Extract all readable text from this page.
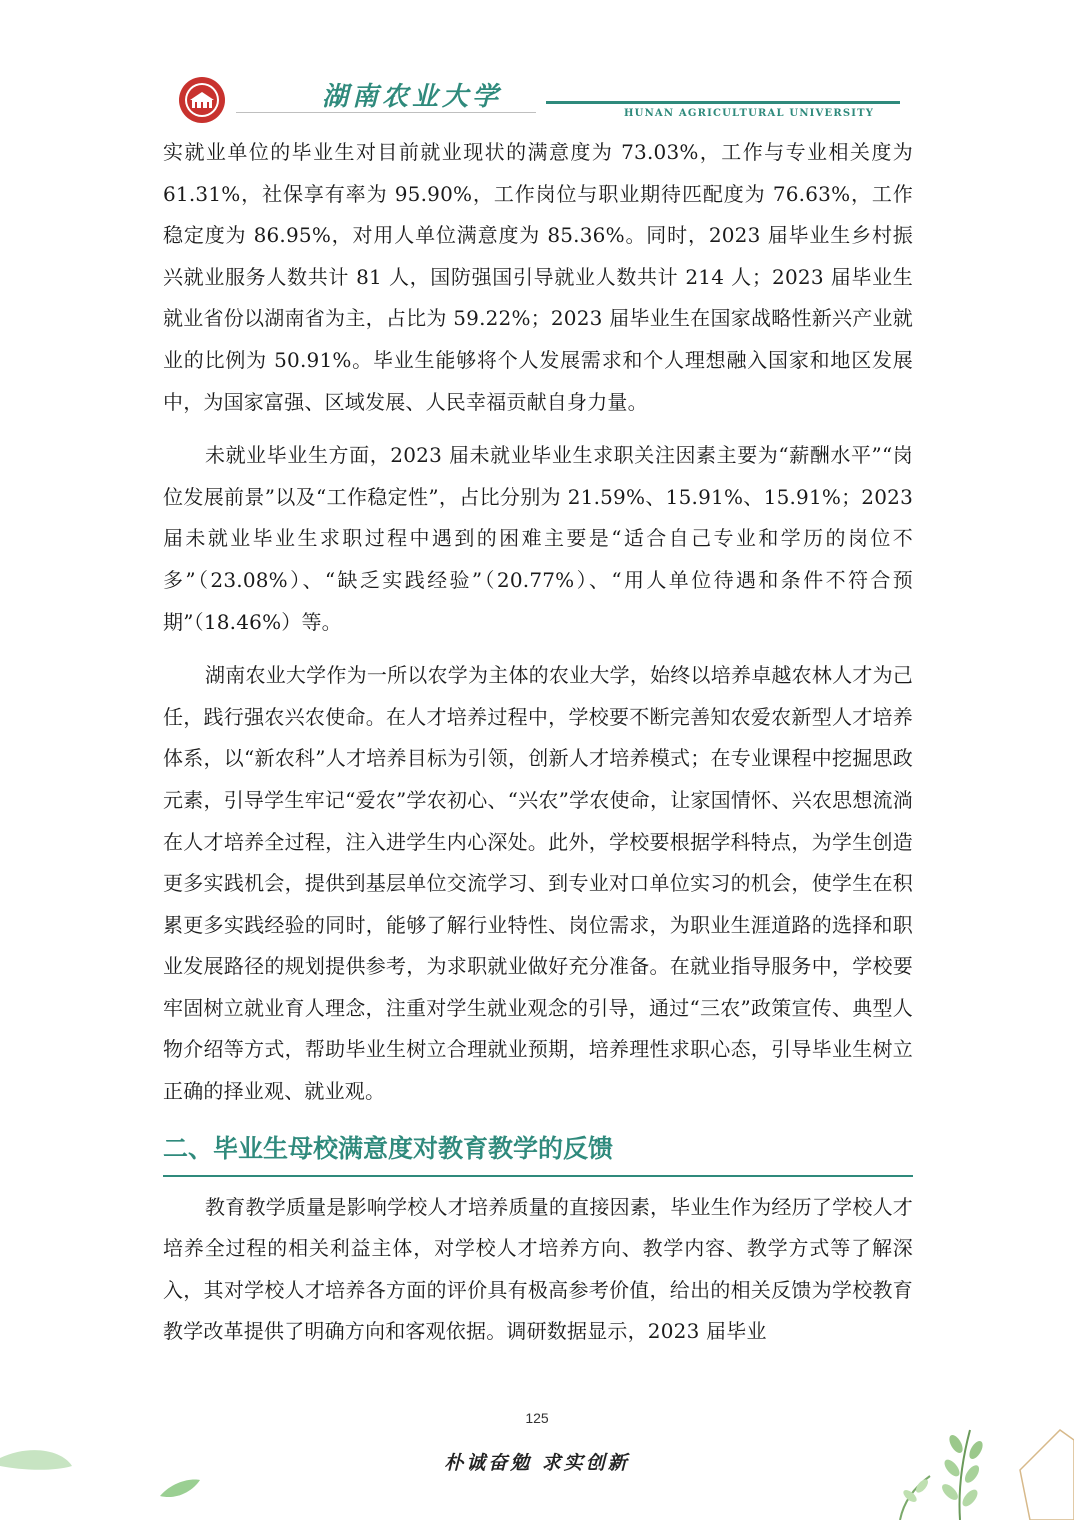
湖南农业大学
HUNAN AGRICULTURAL UNIVERSITY

实就业单位的毕业生对目前就业现状的满意度为 73.03%，工作与专业相关度为 61.31%，社保享有率为 95.90%，工作岗位与职业期待匹配度为 76.63%，工作稳定度为 86.95%，对用人单位满意度为 85.36%。同时，2023 届毕业生乡村振兴就业服务人数共计 81 人，国防强国引导就业人数共计 214 人；2023 届毕业生就业省份以湖南省为主，占比为 59.22%；2023 届毕业生在国家战略性新兴产业就业的比例为 50.91%。毕业生能够将个人发展需求和个人理想融入国家和地区发展中，为国家富强、区域发展、人民幸福贡献自身力量。

未就业毕业生方面，2023 届未就业毕业生求职关注因素主要为“薪酬水平”“岗位发展前景”以及“工作稳定性”，占比分别为 21.59%、15.91%、15.91%；2023 届未就业毕业生求职过程中遇到的困难主要是“适合自己专业和学历的岗位不多”（23.08%）、“缺乏实践经验”（20.77%）、“用人单位待遇和条件不符合预期”（18.46%）等。

湖南农业大学作为一所以农学为主体的农业大学，始终以培养卓越农林人才为己任，践行强农兴农使命。在人才培养过程中，学校要不断完善知农爱农新型人才培养体系，以“新农科”人才培养目标为引领，创新人才培养模式；在专业课程中挖掘思政元素，引导学生牢记“爱农”学农初心、“兴农”学农使命，让家国情怀、兴农思想流淌在人才培养全过程，注入进学生内心深处。此外，学校要根据学科特点，为学生创造更多实践机会，提供到基层单位交流学习、到专业对口单位实习的机会，使学生在积累更多实践经验的同时，能够了解行业特性、岗位需求，为职业生涯道路的选择和职业发展路径的规划提供参考，为求职就业做好充分准备。在就业指导服务中，学校要牢固树立就业育人理念，注重对学生就业观念的引导，通过“三农”政策宣传、典型人物介绍等方式，帮助毕业生树立合理就业预期，培养理性求职心态，引导毕业生树立正确的择业观、就业观。

二、毕业生母校满意度对教育教学的反馈

教育教学质量是影响学校人才培养质量的直接因素，毕业生作为经历了学校人才培养全过程的相关利益主体，对学校人才培养方向、教学内容、教学方式等了解深入，其对学校人才培养各方面的评价具有极高参考价值，给出的相关反馈为学校教育教学改革提供了明确方向和客观依据。调研数据显示，2023 届毕业

125
朴诚奋勉 求实创新
